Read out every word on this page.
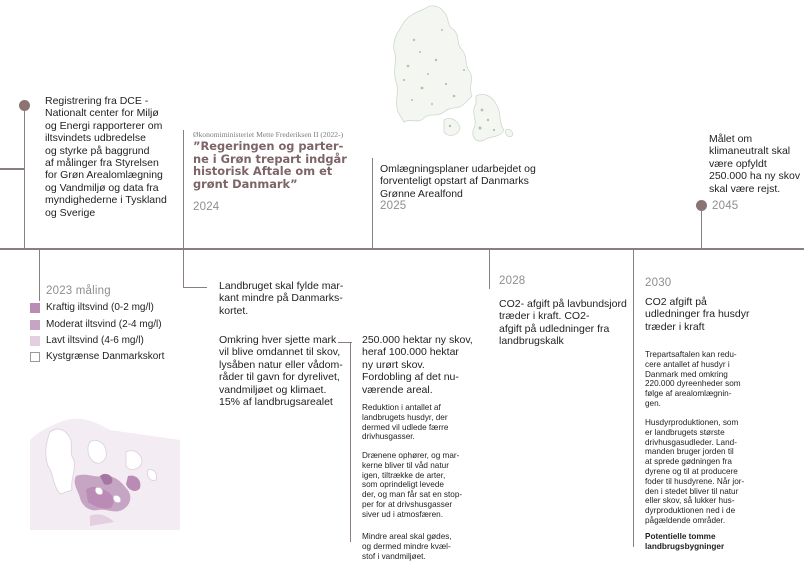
Registrering fra DCE -
Nationalt center for Miljø
og Energi rapporterer om
iltsvindets udbredelse
og styrke på baggrund
af målinger fra Styrelsen
for Grøn Arealomlægning
og Vandmiljø og data fra
myndighederne i Tyskland
og Sverige
Økonomiministeriet Mette Frederiksen II (2022-)
”Regeringen og parter-
ne i Grøn trepart indgår
historisk Aftale om et
grønt Danmark”
2024
Landbruget skal fylde mar-
kant mindre på Danmarks-
kortet.
Omkring hver sjette mark
vil blive omdannet til skov,
lysåben natur eller vådom-
råder til gavn for dyrelivet,
vandmiljøet og klimaet.
15% af landbrugsarealet
250.000 hektar ny skov,
heraf 100.000 hektar
ny urørt skov.
Fordobling af det nu-
værende areal.
Reduktion i antallet af
landbrugets husdyr, der
dermed vil udlede færre
drivhusgasser.
Drænene ophører, og mar-
kerne bliver til våd natur
igen, tiltrække de arter,
som oprindeligt levede
der, og man får sat en stop-
per for at drivshusgasser
siver ud i atmosfæren.
Mindre areal skal gødes,
og dermed mindre kvæl-
stof i vandmiljøet.
Omlægningsplaner udarbejdet og
forventeligt opstart af Danmarks
Grønne Arealfond
2025
2028
CO2- afgift på lavbundsjord
træder i kraft. CO2-
afgift på udledninger fra
landbrugskalk
2030
CO2 afgift på
udledninger fra husdyr
træder i kraft
Trepartsaftalen kan redu-
cere antallet af husdyr i
Danmark med omkring
220.000 dyreenheder som
følge af arealomlægnin-
gen.
Husdyrproduktionen, som
er landbrugets største
drivhusgasudleder. Land-
manden bruger jorden til
at sprede gødningen fra
dyrene og til at producere
foder til husdyrene. Når jor-
den i stedet bliver til natur
eller skov, så lukker hus-
dyrproduktionen ned i de
pågældende områder.
Potentielle tomme
landbrugsbygninger
Målet om
klimaneutralt skal
være opfyldt
250.000 ha ny skov
skal være rejst.
2045
2023 måling
Kraftig iltsvind (0-2 mg/l)
Moderat iltsvind (2-4 mg/l)
Lavt iltsvind (4-6 mg/l)
Kystgrænse Danmarkskort
